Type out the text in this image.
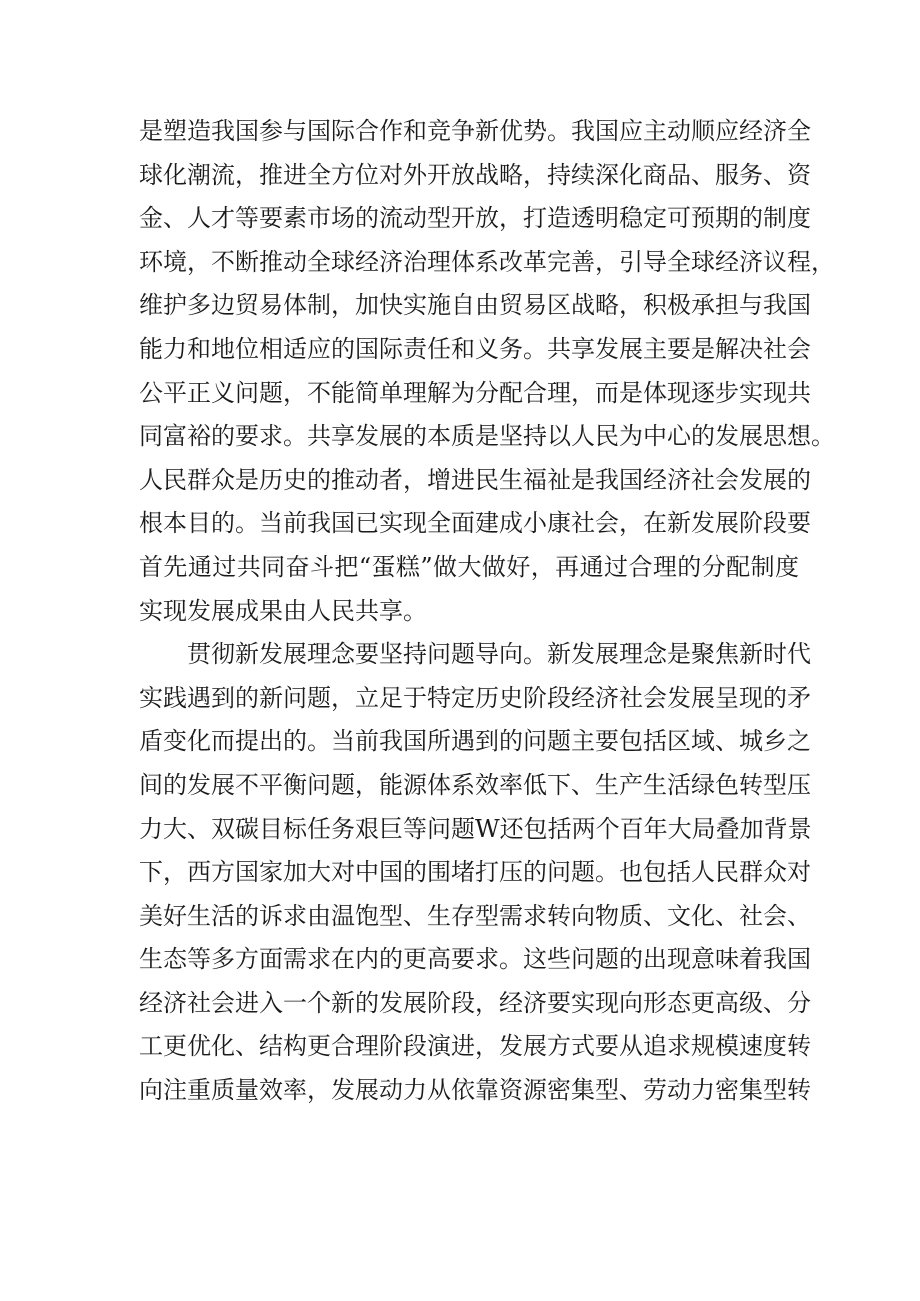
是塑造我国参与国际合作和竞争新优势。我国应主动顺应经济全
球化潮流，推进全方位对外开放战略，持续深化商品、服务、资
金、人才等要素市场的流动型开放，打造透明稳定可预期的制度
环境，不断推动全球经济治理体系改革完善，引导全球经济议程，
维护多边贸易体制，加快实施自由贸易区战略，积极承担与我国
能力和地位相适应的国际责任和义务。共享发展主要是解决社会
公平正义问题，不能简单理解为分配合理，而是体现逐步实现共
同富裕的要求。共享发展的本质是坚持以人民为中心的发展思想。
人民群众是历史的推动者，增进民生福祉是我国经济社会发展的
根本目的。当前我国已实现全面建成小康社会，在新发展阶段要
首先通过共同奋斗把“蛋糕”做大做好，再通过合理的分配制度
实现发展成果由人民共享。
贯彻新发展理念要坚持问题导向。新发展理念是聚焦新时代
实践遇到的新问题，立足于特定历史阶段经济社会发展呈现的矛
盾变化而提出的。当前我国所遇到的问题主要包括区域、城乡之
间的发展不平衡问题，能源体系效率低下、生产生活绿色转型压
力大、双碳目标任务艰巨等问题W还包括两个百年大局叠加背景
下，西方国家加大对中国的围堵打压的问题。也包括人民群众对
美好生活的诉求由温饱型、生存型需求转向物质、文化、社会、
生态等多方面需求在内的更高要求。这些问题的出现意味着我国
经济社会进入一个新的发展阶段，经济要实现向形态更高级、分
工更优化、结构更合理阶段演进，发展方式要从追求规模速度转
向注重质量效率，发展动力从依靠资源密集型、劳动力密集型转
